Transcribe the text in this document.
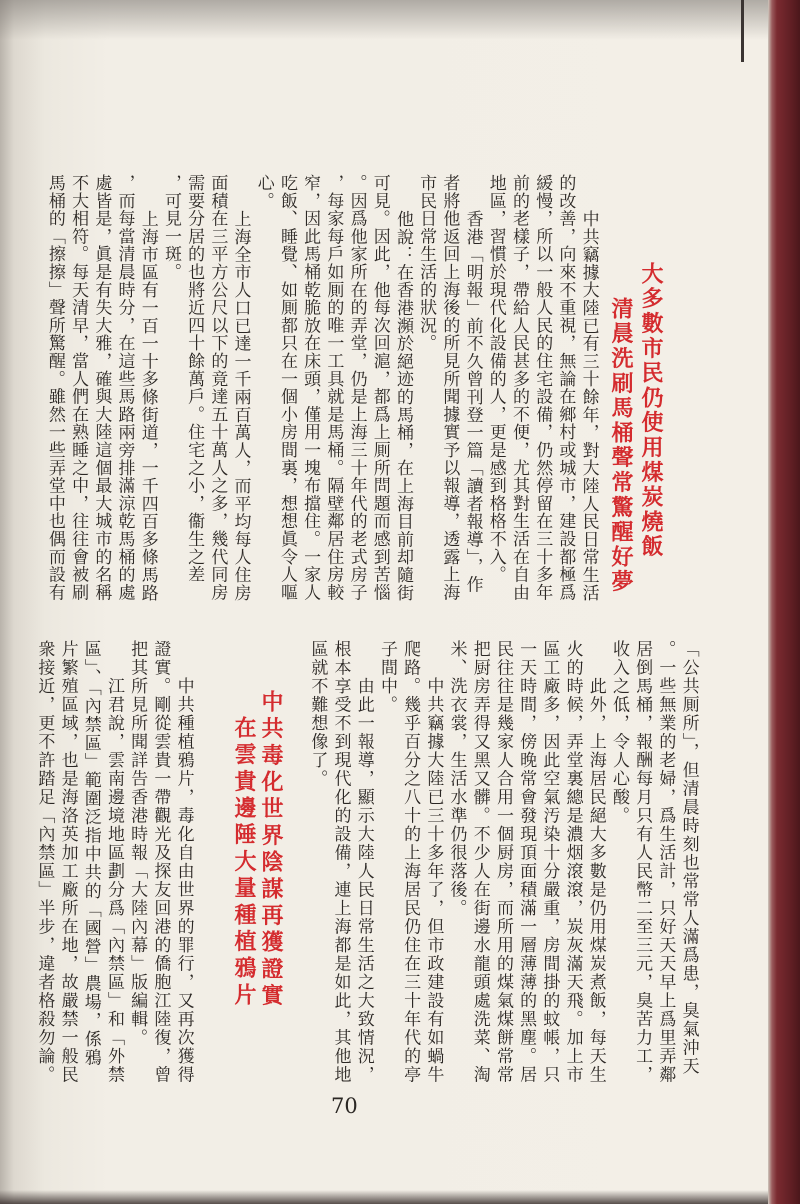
大多數市民仍使用煤炭燒飯
清晨洗刷馬桶聲常驚醒好夢
中共竊據大陸已有三十餘年，對大陸人民日常生活
的改善，向來不重視，無論在鄉村或城市，建設都極爲
緩慢，所以一般人民的住宅設備，仍然停留在三十多年
前的老樣子，帶給人民甚多的不便，尤其對生活在自由
地區，習慣於現代化設備的人，更是感到格格不入。
香港「明報」前不久曾刊登一篇「讀者報導」，作
者將他返回上海後的所見所聞據實予以報導，透露上海
市民日常生活的狀況。
他說：在香港瀕於絕迹的馬桶，在上海目前却隨街
可見。因此，他每次回滬，都爲上厠所問題而感到苦惱
。因爲他家所在的弄堂，仍是上海三十年代的老式房子
，每家每戶如厠的唯一工具就是馬桶。隔壁鄰居住房較
窄，因此馬桶乾脆放在床頭，僅用一塊布擋住。一家人
吃飯、睡覺、如厠都只在一個小房間裏，想想眞令人嘔
心。
上海全市人口已達一千兩百萬人，而平均每人住房
面積在三平方公尺以下的竟達五十萬人之多，幾代同房
需要分居的也將近四十餘萬戶。住宅之小，衞生之差
，可見一斑。
上海市區有一百一十多條街道，一千四百多條馬路
，而每當清晨時分，在這些馬路兩旁排滿涼乾馬桶的處
處皆是，眞是有失大雅，確與大陸這個最大城市的名稱
不大相符。每天清早，當人們在熟睡之中，往往會被刷
馬桶的「擦擦」聲所驚醒。雖然一些弄堂中也偶而設有
「公共厠所」，但清晨時刻也常常人滿爲患，臭氣沖天
。一些無業的老婦，爲生活計，只好天天早上爲里弄鄰
居倒馬桶，報酬每月只有人民幣二至三元，臭苦力工，
收入之低，令人心酸。
此外，上海居民絕大多數是仍用煤炭煮飯，每天生
火的時候，弄堂裏總是濃烟滾滾，炭灰滿天飛。加上市
區工廠多，因此空氣汚染十分嚴重，房間掛的蚊帳，只
一天時間，傍晚常會發現頂面積滿一層薄薄的黑塵。居
民往往是幾家人合用一個厨房，而所用的煤氣煤餅常常
把厨房弄得又黑又髒。不少人在街邊水龍頭處洗菜、淘
米、洗衣裳，生活水準仍很落後。
中共竊據大陸已三十多年了，但市政建設有如蝸牛
爬路。幾乎百分之八十的上海居民仍住在三十年代的亭
子間中。
由此一報導，顯示大陸人民日常生活之大致情況，
根本享受不到現代化的設備，連上海都是如此，其他地
區就不難想像了。
中共毒化世界陰謀再獲證實
在雲貴邊陲大量種植鴉片
中共種植鴉片，毒化自由世界的罪行，又再次獲得
證實。剛從雲貴一帶觀光及探友回港的僑胞江陸復，曾
把其所見所聞詳告香港時報「大陸內幕」版編輯。
江君說，雲南邊境地區劃分爲「內禁區」和「外禁
區」、「內禁區」範圍泛指中共的「國營」農場，係鴉
片繁殖區域，也是海洛英加工廠所在地，故嚴禁一般民
衆接近，更不許踏足「內禁區」半步，違者格殺勿論。
70
